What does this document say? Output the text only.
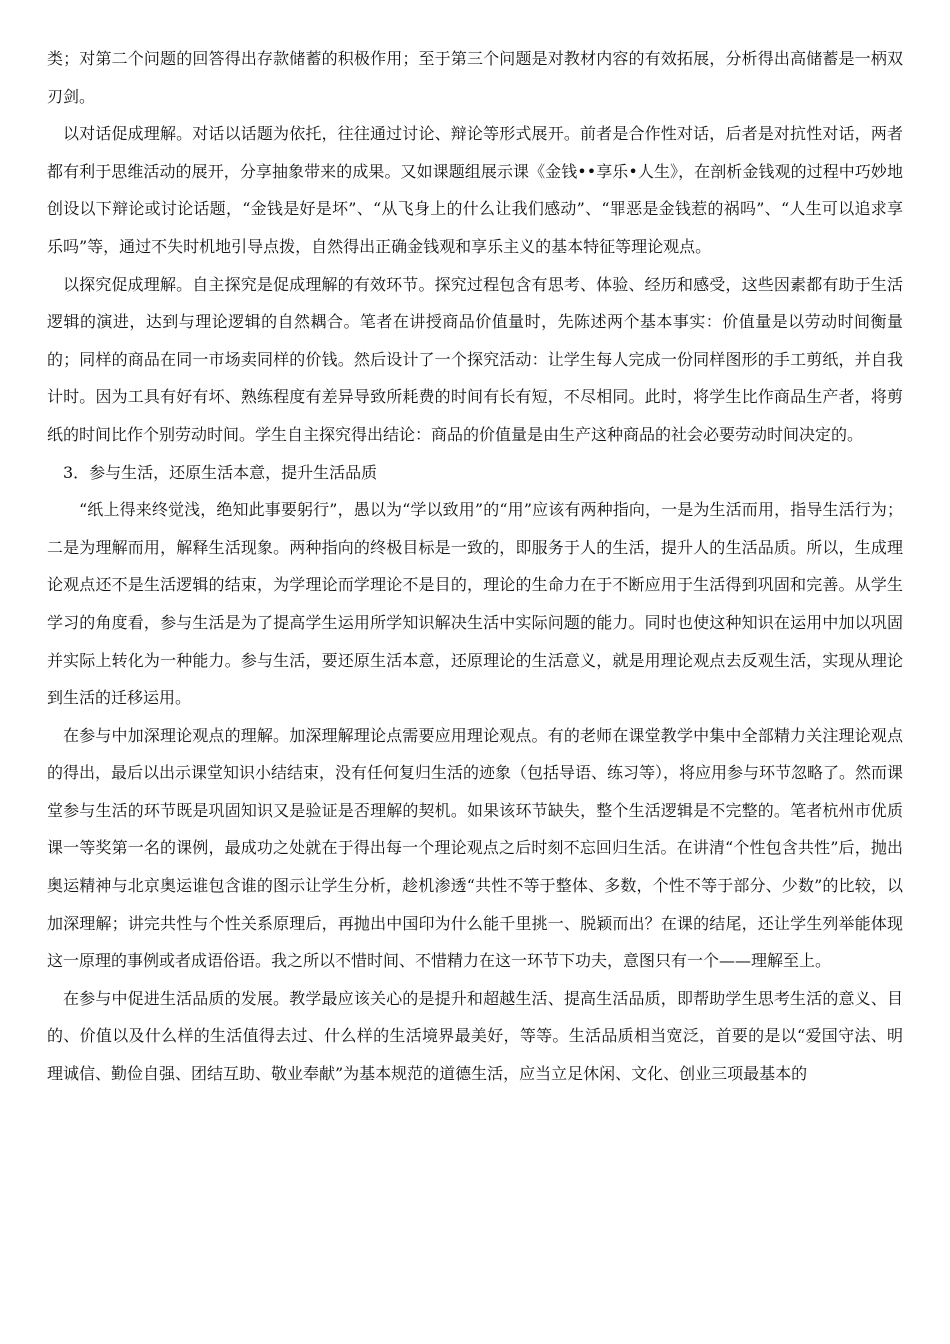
类；对第二个问题的回答得出存款储蓄的积极作用；至于第三个问题是对教材内容的有效拓展，分析得出高储蓄是一柄双刃剑。

以对话促成理解。对话以话题为依托，往往通过讨论、辩论等形式展开。前者是合作性对话，后者是对抗性对话，两者都有利于思维活动的展开，分享抽象带来的成果。又如课题组展示课《金钱••享乐•人生》，在剖析金钱观的过程中巧妙地创设以下辩论或讨论话题，“金钱是好是坏”、“从飞身上的什么让我们感动”、“罪恶是金钱惹的祸吗”、“人生可以追求享乐吗”等，通过不失时机地引导点拨，自然得出正确金钱观和享乐主义的基本特征等理论观点。

以探究促成理解。自主探究是促成理解的有效环节。探究过程包含有思考、体验、经历和感受，这些因素都有助于生活逻辑的演进，达到与理论逻辑的自然耦合。笔者在讲授商品价值量时，先陈述两个基本事实：价值量是以劳动时间衡量的；同样的商品在同一市场卖同样的价钱。然后设计了一个探究活动：让学生每人完成一份同样图形的手工剪纸，并自我计时。因为工具有好有坏、熟练程度有差异导致所耗费的时间有长有短，不尽相同。此时，将学生比作商品生产者，将剪纸的时间比作个别劳动时间。学生自主探究得出结论：商品的价值量是由生产这种商品的社会必要劳动时间决定的。

3．参与生活，还原生活本意，提升生活品质

“纸上得来终觉浅，绝知此事要躬行”，愚以为“学以致用”的“用”应该有两种指向，一是为生活而用，指导生活行为；二是为理解而用，解释生活现象。两种指向的终极目标是一致的，即服务于人的生活，提升人的生活品质。所以，生成理论观点还不是生活逻辑的结束，为学理论而学理论不是目的，理论的生命力在于不断应用于生活得到巩固和完善。从学生学习的角度看，参与生活是为了提高学生运用所学知识解决生活中实际问题的能力。同时也使这种知识在运用中加以巩固并实际上转化为一种能力。参与生活，要还原生活本意，还原理论的生活意义，就是用理论观点去反观生活，实现从理论到生活的迁移运用。

在参与中加深理论观点的理解。加深理解理论点需要应用理论观点。有的老师在课堂教学中集中全部精力关注理论观点的得出，最后以出示课堂知识小结结束，没有任何复归生活的迹象（包括导语、练习等），将应用参与环节忽略了。然而课堂参与生活的环节既是巩固知识又是验证是否理解的契机。如果该环节缺失，整个生活逻辑是不完整的。笔者杭州市优质课一等奖第一名的课例，最成功之处就在于得出每一个理论观点之后时刻不忘回归生活。在讲清“个性包含共性”后，抛出奥运精神与北京奥运谁包含谁的图示让学生分析，趁机渗透“共性不等于整体、多数，个性不等于部分、少数”的比较，以加深理解；讲完共性与个性关系原理后，再抛出中国印为什么能千里挑一、脱颖而出？在课的结尾，还让学生列举能体现这一原理的事例或者成语俗语。我之所以不惜时间、不惜精力在这一环节下功夫，意图只有一个——理解至上。

在参与中促进生活品质的发展。教学最应该关心的是提升和超越生活、提高生活品质，即帮助学生思考生活的意义、目的、价值以及什么样的生活值得去过、什么样的生活境界最美好，等等。生活品质相当宽泛，首要的是以“爱国守法、明理诚信、勤俭自强、团结互助、敬业奉献”为基本规范的道德生活，应当立足休闲、文化、创业三项最基本的
